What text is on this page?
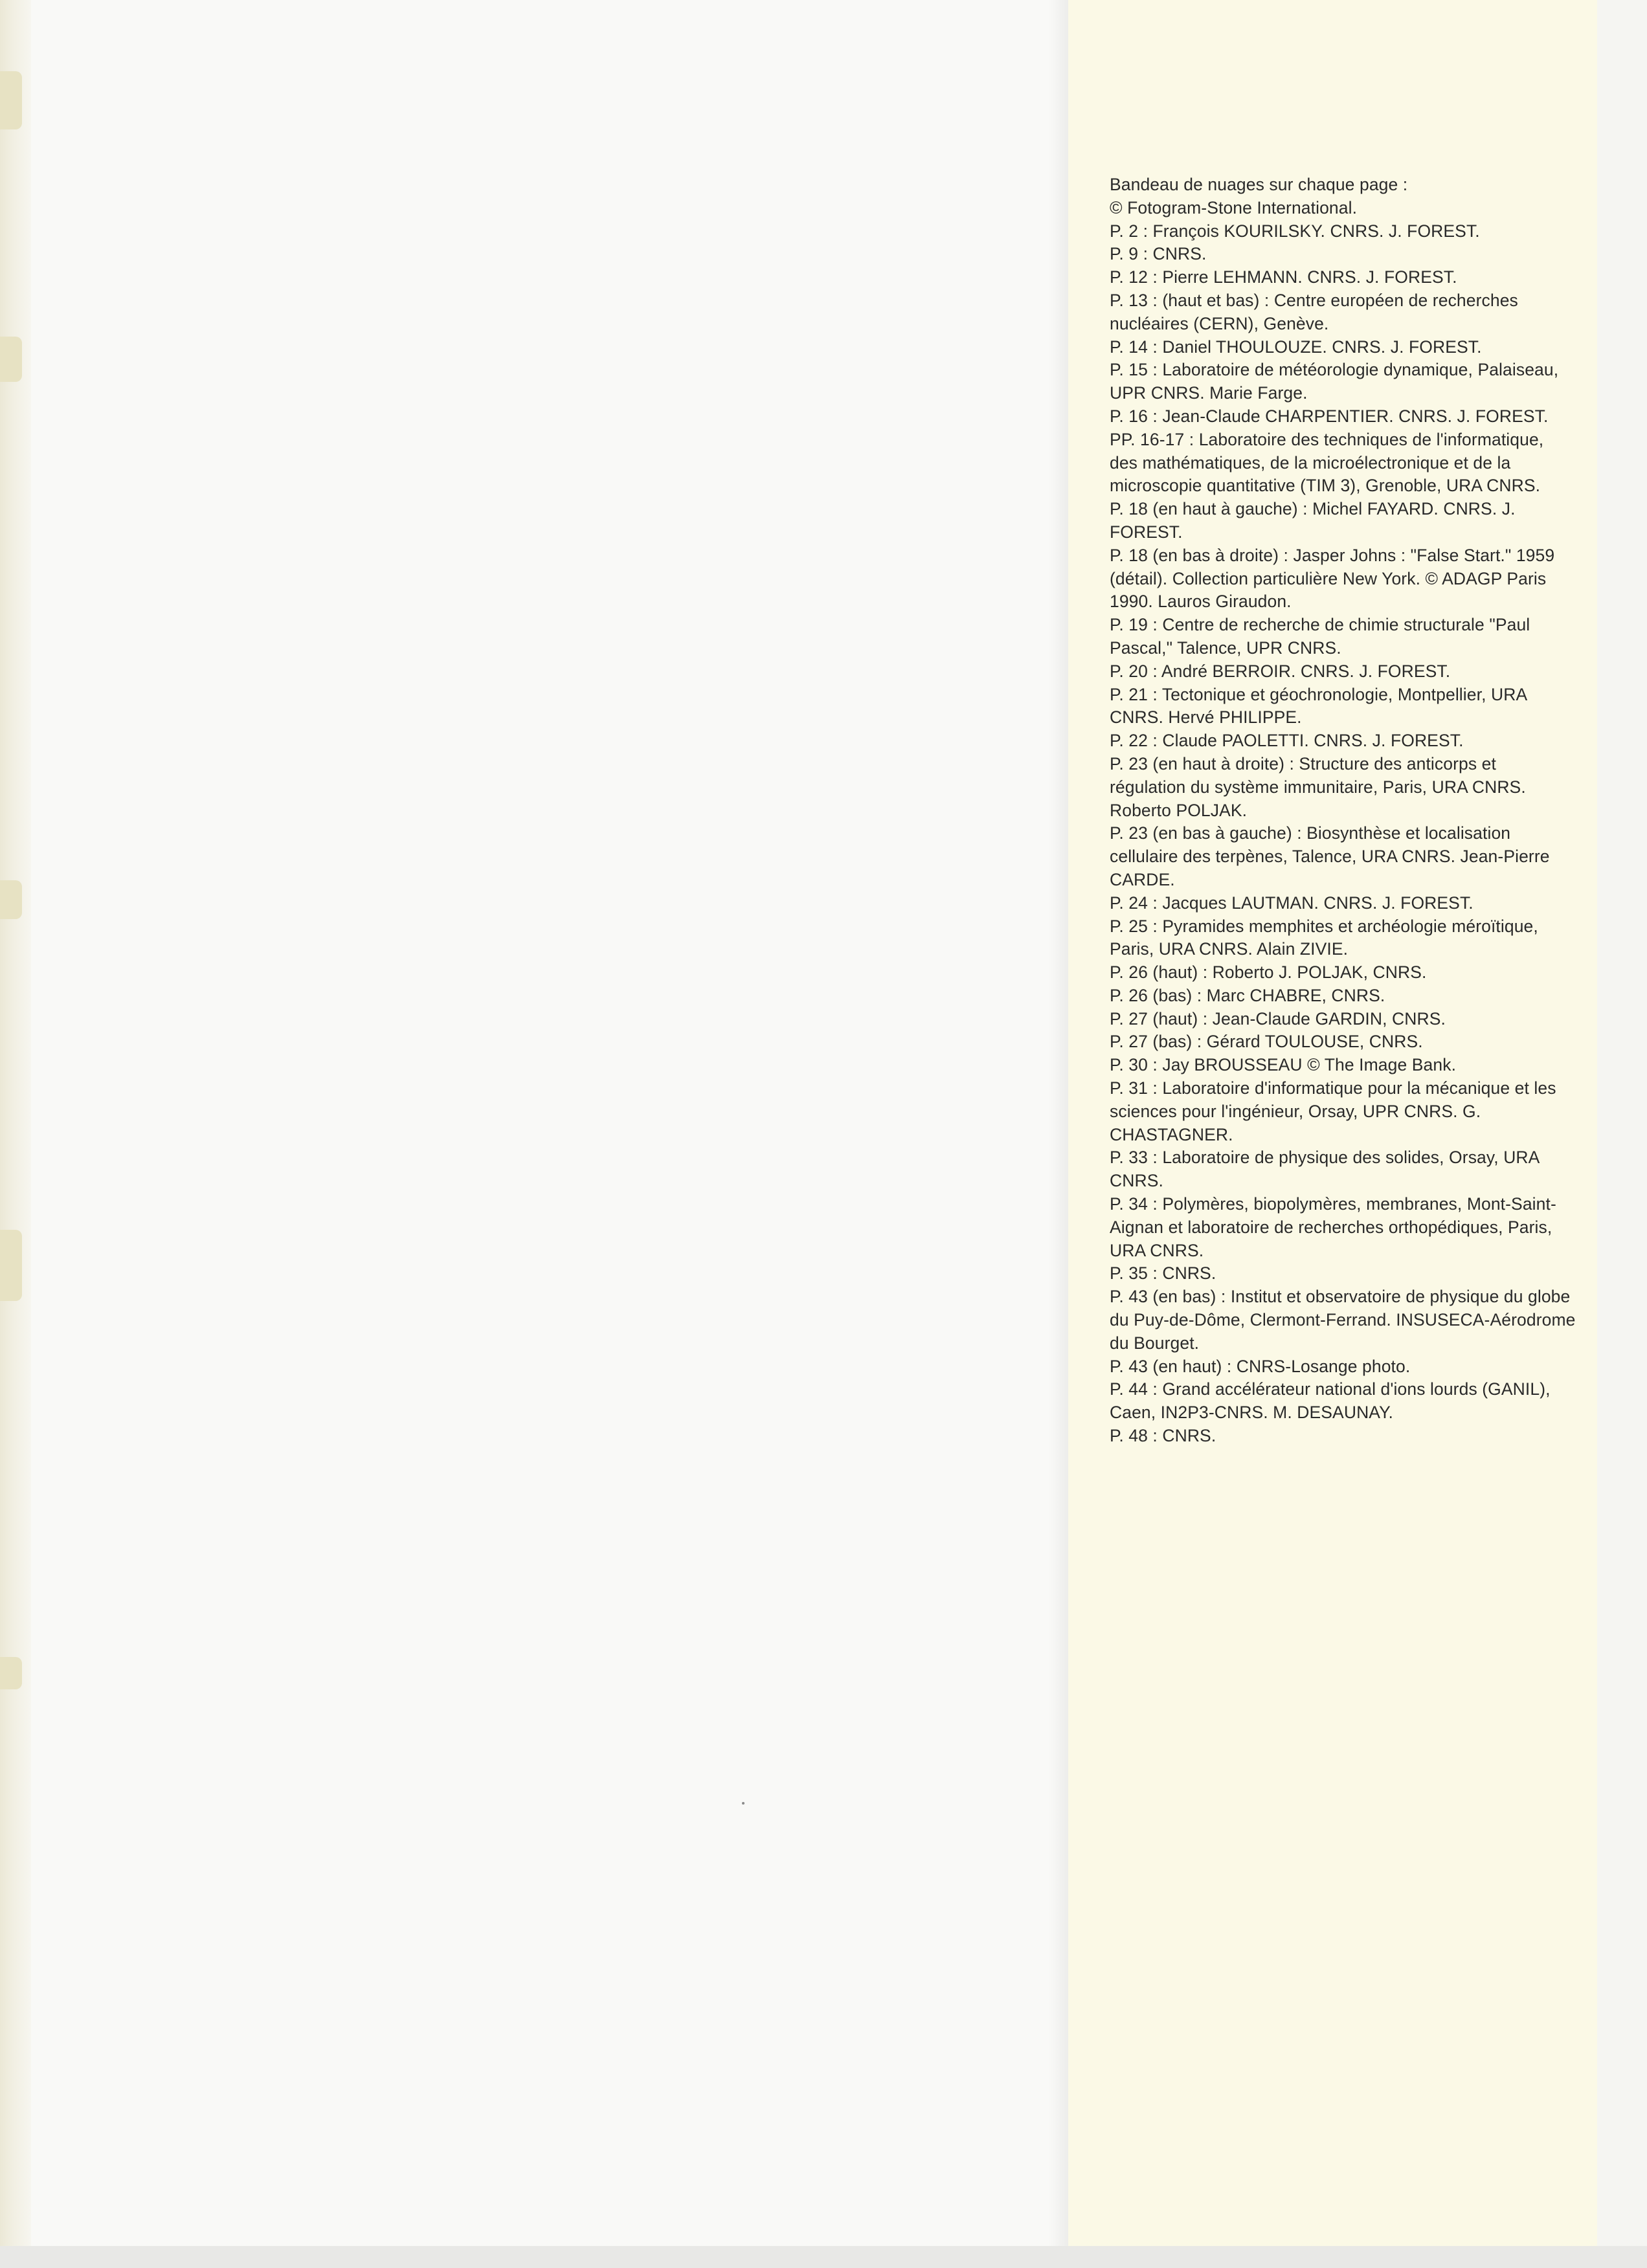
Bandeau de nuages sur chaque page :
© Fotogram-Stone International.
P. 2 : François KOURILSKY. CNRS. J. FOREST.
P. 9 : CNRS.
P. 12 : Pierre LEHMANN. CNRS. J. FOREST.
P. 13 : (haut et bas) : Centre européen de recherches nucléaires (CERN), Genève.
P. 14 : Daniel THOULOUZE. CNRS. J. FOREST.
P. 15 : Laboratoire de météorologie dynamique, Palaiseau, UPR CNRS. Marie Farge.
P. 16 : Jean-Claude CHARPENTIER. CNRS. J. FOREST.
PP. 16-17 : Laboratoire des techniques de l'informatique, des mathématiques, de la microélectronique et de la microscopie quantitative (TIM 3), Grenoble, URA CNRS.
P. 18 (en haut à gauche) : Michel FAYARD. CNRS. J. FOREST.
P. 18 (en bas à droite) : Jasper Johns : "False Start." 1959 (détail). Collection particulière New York. © ADAGP Paris 1990. Lauros Giraudon.
P. 19 : Centre de recherche de chimie structurale "Paul Pascal," Talence, UPR CNRS.
P. 20 : André BERROIR. CNRS. J. FOREST.
P. 21 : Tectonique et géochronologie, Montpellier, URA CNRS. Hervé PHILIPPE.
P. 22 : Claude PAOLETTI. CNRS. J. FOREST.
P. 23 (en haut à droite) : Structure des anticorps et régulation du système immunitaire, Paris, URA CNRS. Roberto POLJAK.
P. 23 (en bas à gauche) : Biosynthèse et localisation cellulaire des terpènes, Talence, URA CNRS. Jean-Pierre CARDE.
P. 24 : Jacques LAUTMAN. CNRS. J. FOREST.
P. 25 : Pyramides memphites et archéologie méroïtique, Paris, URA CNRS. Alain ZIVIE.
P. 26 (haut) : Roberto J. POLJAK, CNRS.
P. 26 (bas) : Marc CHABRE, CNRS.
P. 27 (haut) : Jean-Claude GARDIN, CNRS.
P. 27 (bas) : Gérard TOULOUSE, CNRS.
P. 30 : Jay BROUSSEAU © The Image Bank.
P. 31 : Laboratoire d'informatique pour la mécanique et les sciences pour l'ingénieur, Orsay, UPR CNRS. G. CHASTAGNER.
P. 33 : Laboratoire de physique des solides, Orsay, URA CNRS.
P. 34 : Polymères, biopolymères, membranes, Mont-Saint-Aignan et laboratoire de recherches orthopédiques, Paris, URA CNRS.
P. 35 : CNRS.
P. 43 (en bas) : Institut et observatoire de physique du globe du Puy-de-Dôme, Clermont-Ferrand. INSUSECA-Aérodrome du Bourget.
P. 43 (en haut) : CNRS-Losange photo.
P. 44 : Grand accélérateur national d'ions lourds (GANIL), Caen, IN2P3-CNRS. M. DESAUNAY.
P. 48 : CNRS.
